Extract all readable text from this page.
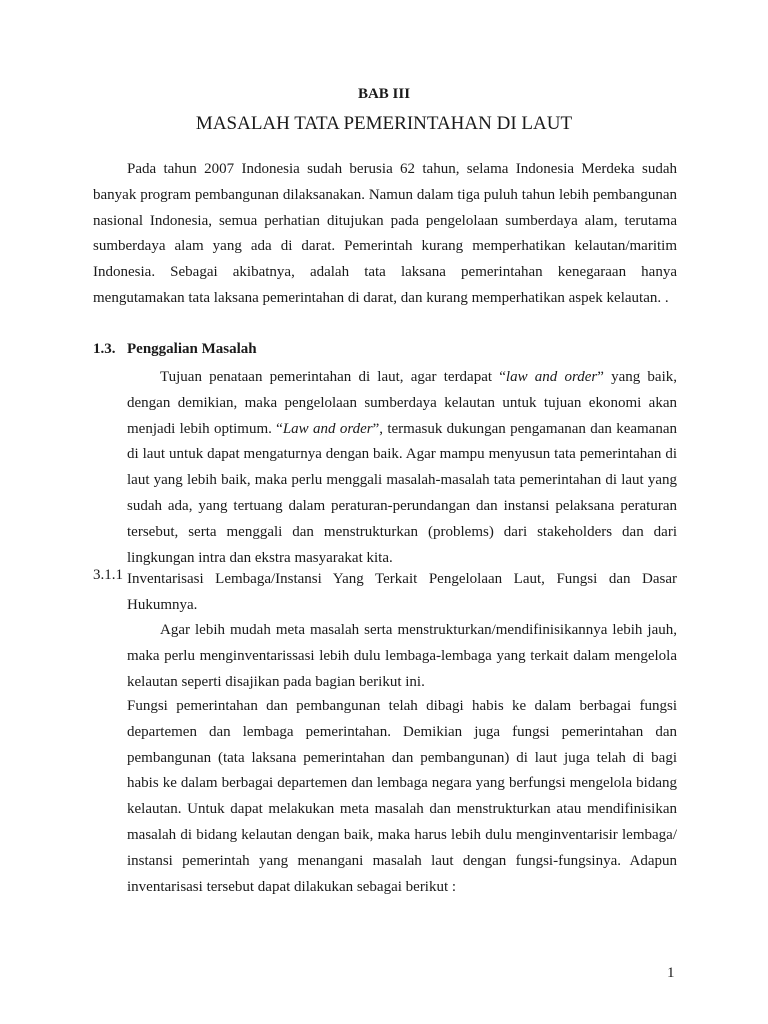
BAB III
MASALAH TATA PEMERINTAHAN DI LAUT

Pada tahun 2007 Indonesia sudah berusia 62 tahun, selama Indonesia Merdeka sudah banyak program pembangunan dilaksanakan. Namun dalam tiga puluh tahun lebih pembangunan nasional Indonesia, semua perhatian ditujukan pada pengelolaan sumberdaya alam, terutama sumberdaya alam yang ada di darat. Pemerintah kurang memperhatikan kelautan/maritim Indonesia. Sebagai akibatnya, adalah tata laksana pemerintahan kenegaraan hanya mengutamakan tata laksana pemerintahan di darat, dan kurang memperhatikan aspek kelautan. .

1.3. Penggalian Masalah

Tujuan penataan pemerintahan di laut, agar terdapat “law and order” yang baik, dengan demikian, maka pengelolaan sumberdaya kelautan untuk tujuan ekonomi akan menjadi lebih optimum. “Law and order”, termasuk dukungan pengamanan dan keamanan di laut untuk dapat mengaturnya dengan baik. Agar mampu menyusun tata pemerintahan di laut yang lebih baik, maka perlu menggali masalah-masalah tata pemerintahan di laut yang sudah ada, yang tertuang dalam peraturan-perundangan dan instansi pelaksana peraturan tersebut, serta menggali dan menstrukturkan (problems) dari stakeholders dan dari lingkungan intra dan ekstra masyarakat kita.

3.1.1 Inventarisasi Lembaga/Instansi Yang Terkait Pengelolaan Laut, Fungsi dan Dasar Hukumnya.

Agar lebih mudah meta masalah serta menstrukturkan/mendifinisikannya lebih jauh, maka perlu menginventarissasi lebih dulu lembaga-lembaga yang terkait dalam mengelola kelautan seperti disajikan pada bagian berikut ini.

Fungsi pemerintahan dan pembangunan telah dibagi habis ke dalam berbagai fungsi departemen dan lembaga pemerintahan. Demikian juga fungsi pemerintahan dan pembangunan (tata laksana pemerintahan dan pembangunan) di laut juga telah di bagi habis ke dalam berbagai departemen dan lembaga negara yang berfungsi mengelola bidang kelautan. Untuk dapat melakukan meta masalah dan menstrukturkan atau mendifinisikan masalah di bidang kelautan dengan baik, maka harus lebih dulu menginventarisir lembaga/ instansi pemerintah yang menangani masalah laut dengan fungsi-fungsinya. Adapun inventarisasi tersebut dapat dilakukan sebagai berikut :

1
